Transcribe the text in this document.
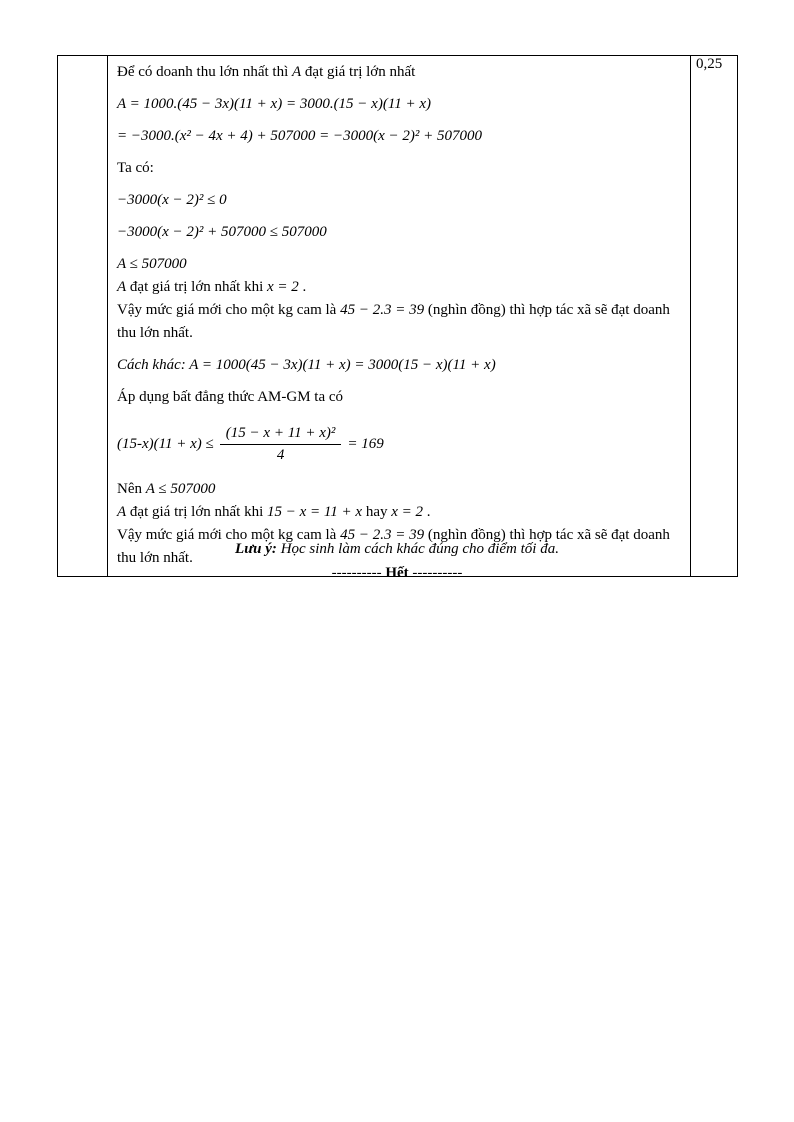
Để có doanh thu lớn nhất thì A đạt giá trị lớn nhất
A = 1000.(45 − 3x)(11 + x) = 3000.(15 − x)(11 + x)
= −3000.(x² − 4x + 4) + 507000 = −3000(x − 2)² + 507000
Ta có:
−3000(x − 2)² ≤ 0
−3000(x − 2)² + 507000 ≤ 507000
A ≤ 507000
A đạt giá trị lớn nhất khi x = 2 .
Vậy mức giá mới cho một kg cam là 45 − 2.3 = 39 (nghìn đồng) thì hợp tác xã sẽ đạt doanh thu lớn nhất.
Cách khác: A = 1000(45 − 3x)(11 + x) = 3000(15 − x)(11 + x)
Áp dụng bất đẳng thức AM-GM ta có
$(15-x)(11 + x) \le \frac{\text{(15 − x + 11 + x)²}}{4} = 169$
Nên A ≤ 507000
A đạt giá trị lớn nhất khi 15 − x = 11 + x hay x = 2 .
Vậy mức giá mới cho một kg cam là 45 − 2.3 = 39 (nghìn đồng) thì hợp tác xã sẽ đạt doanh thu lớn nhất.
	0,25
Lưu ý: Học sinh làm cách khác đúng cho điểm tối đa.
---------- Hết ----------
